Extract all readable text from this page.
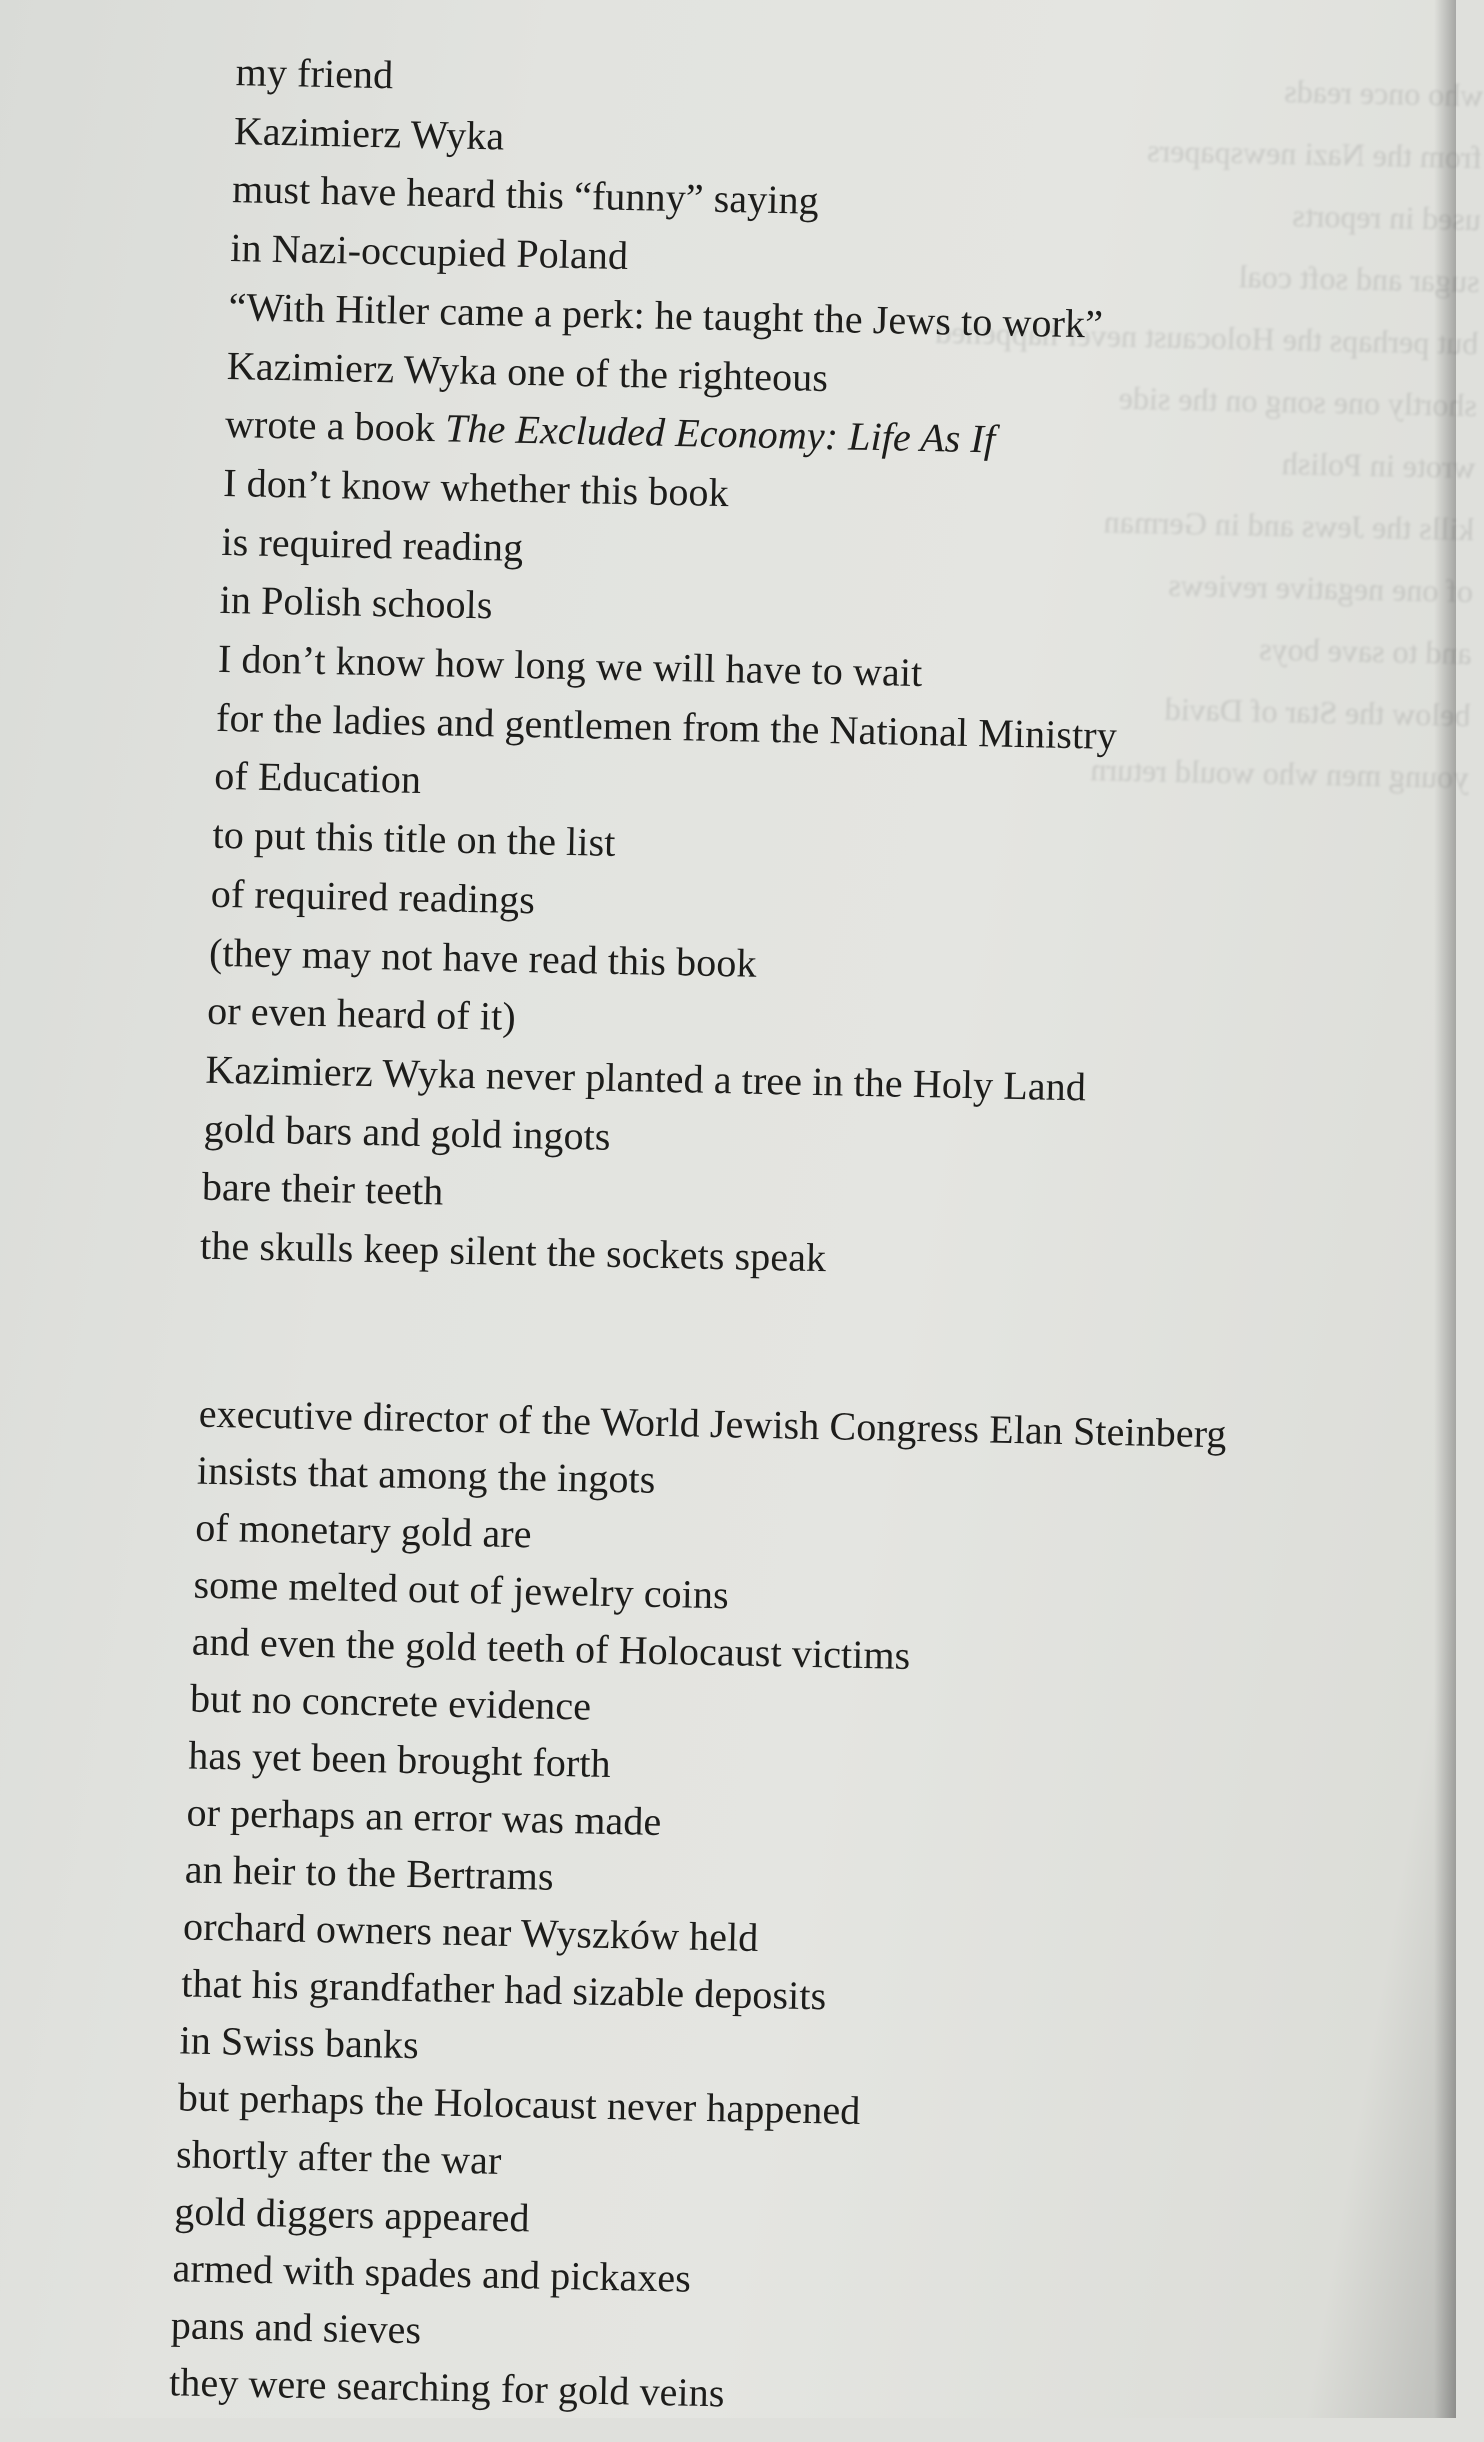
who once reads
from the Nazi newspapers
used in reports
sugar and soft coal
but perhaps the Holocaust never happened
shortly one song on the side
wrote in Polish
kills the Jews and in German
of one negative reviews
and to save boys
below the Star of David
young men who would return
my friend
Kazimierz Wyka
must have heard this “funny” saying
in Nazi-occupied Poland
“With Hitler came a perk: he taught the Jews to work”
Kazimierz Wyka one of the righteous
wrote a book The Excluded Economy: Life As If
I don’t know whether this book
is required reading
in Polish schools
I don’t know how long we will have to wait
for the ladies and gentlemen from the National Ministry
of Education
to put this title on the list
of required readings
(they may not have read this book
or even heard of it)
Kazimierz Wyka never planted a tree in the Holy Land
gold bars and gold ingots
bare their teeth
the skulls keep silent the sockets speak
executive director of the World Jewish Congress Elan Steinberg
insists that among the ingots
of monetary gold are
some melted out of jewelry coins
and even the gold teeth of Holocaust victims
but no concrete evidence
has yet been brought forth
or perhaps an error was made
an heir to the Bertrams
orchard owners near Wyszków held
that his grandfather had sizable deposits
in Swiss banks
but perhaps the Holocaust never happened
shortly after the war
gold diggers appeared
armed with spades and pickaxes
pans and sieves
they were searching for gold veins
